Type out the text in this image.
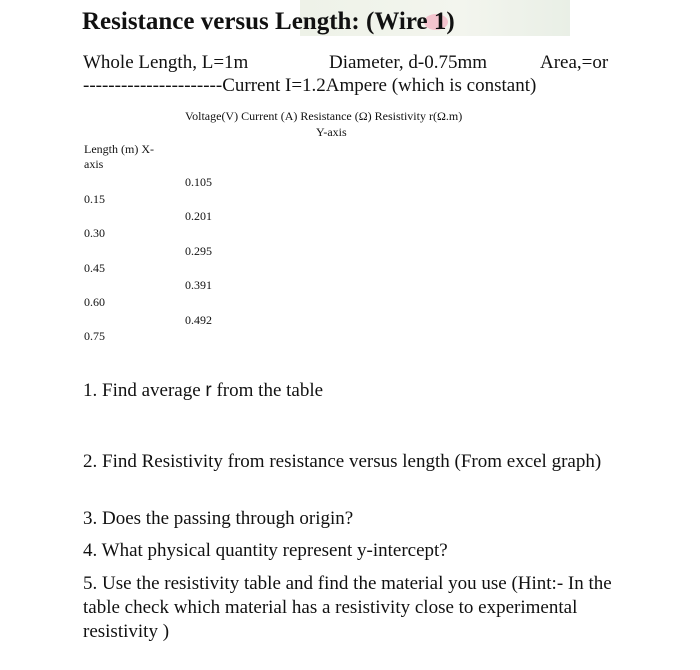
Resistance versus Length: (Wire 1)
Whole Length, L=1m	Diameter, d-0.75mm	Area,=or
----------------------Current I=1.2Ampere (which is constant)
Voltage(V) Current (A) Resistance (Ω) Resistivity r(Ω.m)
Y-axis
Length (m) X-
axis
0.105
0.15
0.201
0.30
0.295
0.45
0.391
0.60
0.492
0.75
1. Find average r from the table
2. Find Resistivity from resistance versus length (From excel graph)
3. Does the passing through origin?
4. What physical quantity represent y-intercept?
5. Use the resistivity table and find the material you use (Hint:- In the table check which material has a resistivity close to experimental resistivity )
